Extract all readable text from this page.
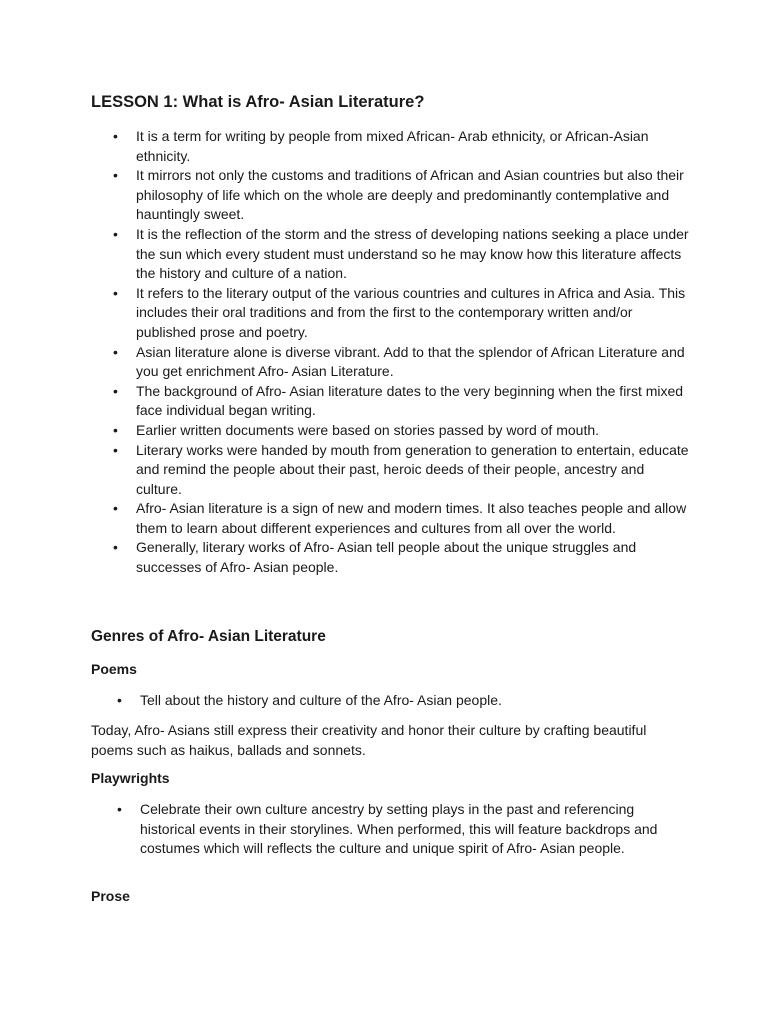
LESSON 1: What is Afro- Asian Literature?
• It is a term for writing by people from mixed African- Arab ethnicity, or African-Asian ethnicity.
• It mirrors not only the customs and traditions of African and Asian countries but also their philosophy of life which on the whole are deeply and predominantly contemplative and hauntingly sweet.
• It is the reflection of the storm and the stress of developing nations seeking a place under the sun which every student must understand so he may know how this literature affects the history and culture of a nation.
• It refers to the literary output of the various countries and cultures in Africa and Asia. This includes their oral traditions and from the first to the contemporary written and/or published prose and poetry.
• Asian literature alone is diverse vibrant. Add to that the splendor of African Literature and you get enrichment Afro- Asian Literature.
• The background of Afro- Asian literature dates to the very beginning when the first mixed face individual began writing.
• Earlier written documents were based on stories passed by word of mouth.
• Literary works were handed by mouth from generation to generation to entertain, educate and remind the people about their past, heroic deeds of their people, ancestry and culture.
• Afro- Asian literature is a sign of new and modern times. It also teaches people and allow them to learn about different experiences and cultures from all over the world.
• Generally, literary works of Afro- Asian tell people about the unique struggles and successes of Afro- Asian people.
Genres of Afro- Asian Literature
Poems
• Tell about the history and culture of the Afro- Asian people.

Today, Afro- Asians still express their creativity and honor their culture by crafting beautiful poems such as haikus, ballads and sonnets.

Playwrights
• Celebrate their own culture ancestry by setting plays in the past and referencing historical events in their storylines. When performed, this will feature backdrops and costumes which will reflects the culture and unique spirit of Afro- Asian people.
Prose
